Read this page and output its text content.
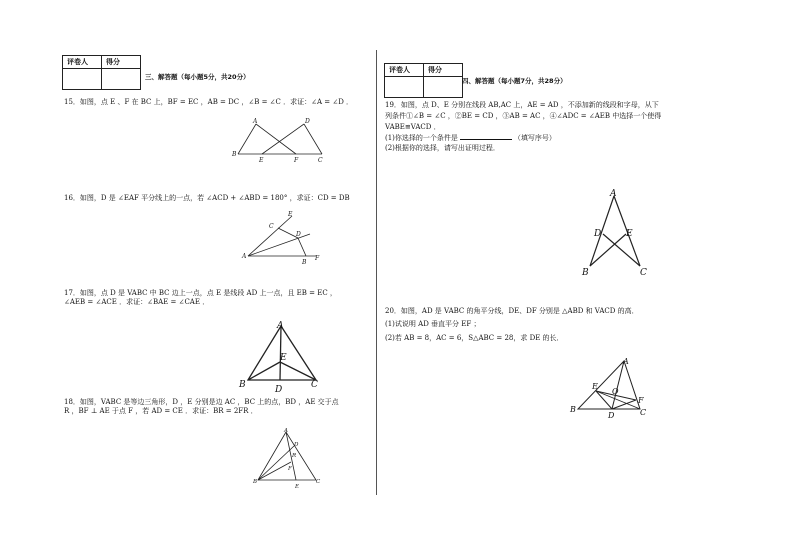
评卷人	得分

三、解答题（每小题5分，共20分）
15．如图，点 E 、F 在 BC 上，BF = EC ，AB = DC ，∠B = ∠C ．求证：∠A = ∠D ．
A	D
B
E	F	C
16．如图，D 是 ∠EAF 平分线上的一点，若 ∠ACD + ∠ABD = 180° ，求证：CD = DB
A
C
D
E
B
F
17．如图，点 D 是 VABC 中 BC 边上一点，点 E 是线段 AD 上一点，且 EB = EC ，
∠AEB = ∠ACE ．求证：∠BAE = ∠CAE ．
A
E
B	D	C
18．如图，VABC 是等边三角形，D ，E 分别是边 AC ，BC 上的点，BD ，AE 交于点
R ，BF ⊥ AE 于点 F ，若 AD = CE ．求证：BR = 2FR ．
A
D
R
F
B
E
C
评卷人	得分

四、解答题（每小题7分，共28分）
19．如图，点 D、E 分别在线段 AB,AC 上，AE = AD ，不添加新的线段和字母，从下
列条件①∠B = ∠C ，②BE = CD ，③AB = AC ，④∠ADC = ∠AEB 中选择一个使得
VABE≌VACD ．
(1)你选择的一个条件是	（填写序号）
(2)根据你的选择，请写出证明过程．
A
D	E
B	C
20．如图，AD 是 VABC 的角平分线，DE、DF 分别是 △ABD 和 VACD 的高．
(1)试说明 AD 垂直平分 EF ；
(2)若 AB = 8，AC = 6，S△ABC = 28，求 DE 的长．
A
E
O
F
B
D	C
